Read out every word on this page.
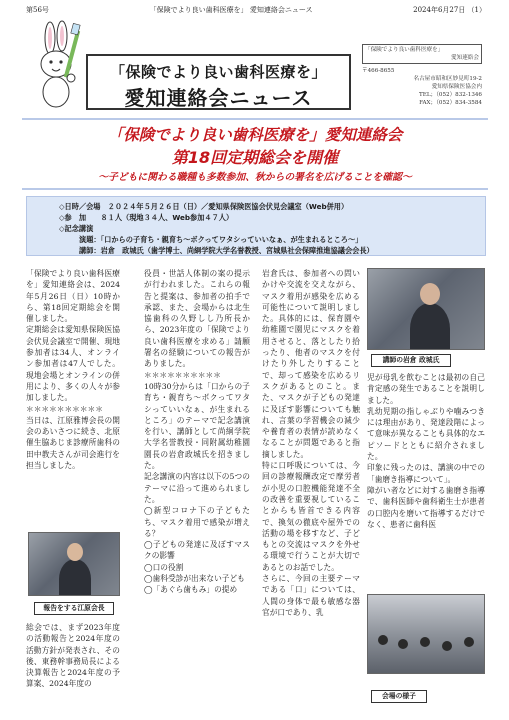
第56号	「保険でより良い歯科医療を」 愛知連絡会ニュース	2024年6月27日 （1）
「保険でより良い歯科医療を」
愛知連絡会ニュース
「保険でより良い歯科医療を」
愛知連絡会
〒466-8655
名古屋市昭和区妙見町19-2
愛知県保険医協会内
TEL；（052）832-1346
FAX；（052）834-3584
「保険でより良い歯科医療を」愛知連絡会
第18回定期総会を開催
～子どもに関わる職種も多数参加、秋からの署名を広げることを確認～
◇日時／会場　２０２４年５月２６日（日）／愛知県保険医協会伏見会議室（Web併用）
◇参　加　　８１人（現地３４人、Web参加４７人）
◇記念講演
演題：「口からの子育ち・親育ち～ボクってワタシっていいなぁ、が生まれるところ～」
講師：岩倉　政城氏（歯学博士、尚絅学院大学名誉教授、宮城県社会保障推進協議会会長）

「保険でより良い歯科医療を」愛知連絡会は、2024年5月26日（日）10時から、第18回定期総会を開催しました。

定期総会は愛知県保険医協会伏見会議室で開催、現地参加者は34人、オンライン参加者は47人でした。現地会場とオンラインの併用により、多くの人々が参加しました。

＊＊＊＊＊＊＊＊＊＊

当日は、江原雅博会長の開会のあいさつに続き、北原催生脇あじま診療所歯科の田中教夫さんが司会進行を担当しました。

報告をする江原会長

総会では、まず2023年度の活動報告と2024年度の活動方針が発表され、その後、東務幹事務局長による決算報告と2024年度の予算案、2024年度の

役員・世話人体制の案の提示が行われました。これらの報告と提案は、参加者の拍手で承認、また、会場からは北生協歯科の久野しし乃所長から、2023年度の「保険でより良い歯科医療を求める」請願署名の経験についての報告がありました。

＊＊＊＊＊＊＊＊＊＊

10時30分からは「口からの子育ち・親育ち～ボクってワタシっていいなぁ、が生まれるところ」のテーマで記念講演を行い、講師として尚絅学院大学名誉教授・同附属幼稚園園長の岩倉政城氏を招きました。

記念講演の内容は以下の5つのテーマに沿って進められました。

◯新型コロナ下の子どもたち、マスク着用で感染が増える？

◯子どもの発達に及ぼすマスクの影響

◯口の役割

◯歯科受診が出来ない子ども

◯「あぐら歯もみ」の提め

岩倉氏は、参加者への問いかけや交流を交えながら、マスク着用が感染を広める可能性について説明しました。具体的には、保育園や幼稚園で園児にマスクを着用させると、落としたり拾ったり、他者のマスクを付けたり外したりすることで、却って感染を広めるリスクがあるとのこと。また、マスクが子どもの発達に及ぼす影響についても触れ、言葉の学習機会の減少や養育者の表情が読めなくなることが問題であると指摘しました。

特に口呼吸については、今回の診療報酬改定で摩労者が小児の口腔機能発達不全の改善を重要視していることからも皆首できる内容で、換気の徹底や屋外での活動の場を移すなど、子どもとの交流はマスクを外せる環境で行うことが大切であるとのお話でした。

さらに、今回の主要テーマである「口」については、人間の身体で最も敏感な器官が口であり、乳

講師の岩倉 政城氏

児が母乳を飲むことは最初の自己肯定感の発生であることを説明しました。

乳幼児期の指しゃぶりや噛みつきには理由があり、発達段階によって意味が異なることも具体的なエピソードとともに紹介されました。

印象に残ったのは、講演の中での「歯磨き指導について」。

障がい者などに対する歯磨き指導で、歯科医師や歯科衛生士が患者の口腔内を磨いて指導するだけでなく、患者に歯科医

会場の様子
